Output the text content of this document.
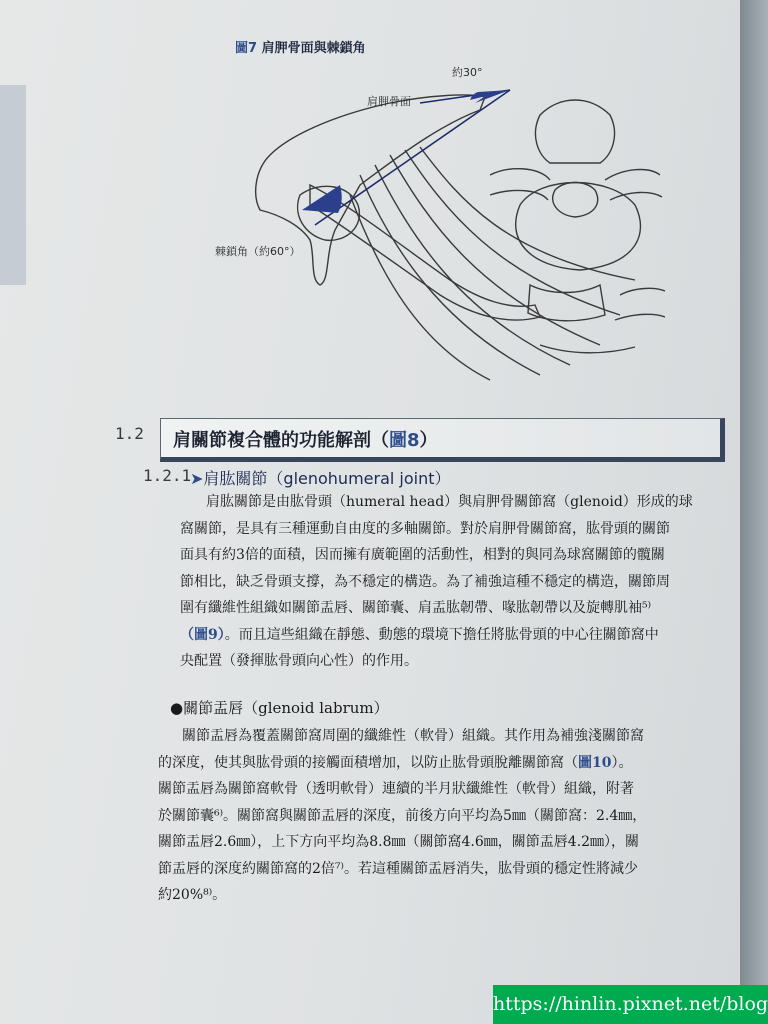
圖7 肩胛骨面與棘鎖角
約30°
肩胛骨面
棘鎖角（約60°）
1.2 肩關節複合體的功能解剖（圖8）
1.2.1
➤肩肱關節（glenohumeral joint）
肩肱關節是由肱骨頭（humeral head）與肩胛骨關節窩（glenoid）形成的球
窩關節，是具有三種運動自由度的多軸關節。對於肩胛骨關節窩，肱骨頭的關節
面具有約3倍的面積，因而擁有廣範圍的活動性，相對的與同為球窩關節的髖關
節相比，缺乏骨頭支撐，為不穩定的構造。為了補強這種不穩定的構造，關節周
圍有纖維性組織如關節盂唇、關節囊、肩盂肱韌帶、喙肱韌帶以及旋轉肌袖⁵⁾
（圖9）。而且這些組織在靜態、動態的環境下擔任將肱骨頭的中心往關節窩中
央配置（發揮肱骨頭向心性）的作用。
●關節盂唇（glenoid labrum）
關節盂唇為覆蓋關節窩周圍的纖維性（軟骨）組織。其作用為補強淺關節窩
的深度，使其與肱骨頭的接觸面積增加，以防止肱骨頭脫離關節窩（圖10）。
關節盂唇為關節窩軟骨（透明軟骨）連續的半月狀纖維性（軟骨）組織，附著
於關節囊⁶⁾。關節窩與關節盂唇的深度，前後方向平均為5㎜（關節窩：2.4㎜，
關節盂唇2.6㎜），上下方向平均為8.8㎜（關節窩4.6㎜，關節盂唇4.2㎜），關
節盂唇的深度約關節窩的2倍⁷⁾。若這種關節盂唇消失，肱骨頭的穩定性將減少
約20%⁸⁾。
https://hinlin.pixnet.net/blog
